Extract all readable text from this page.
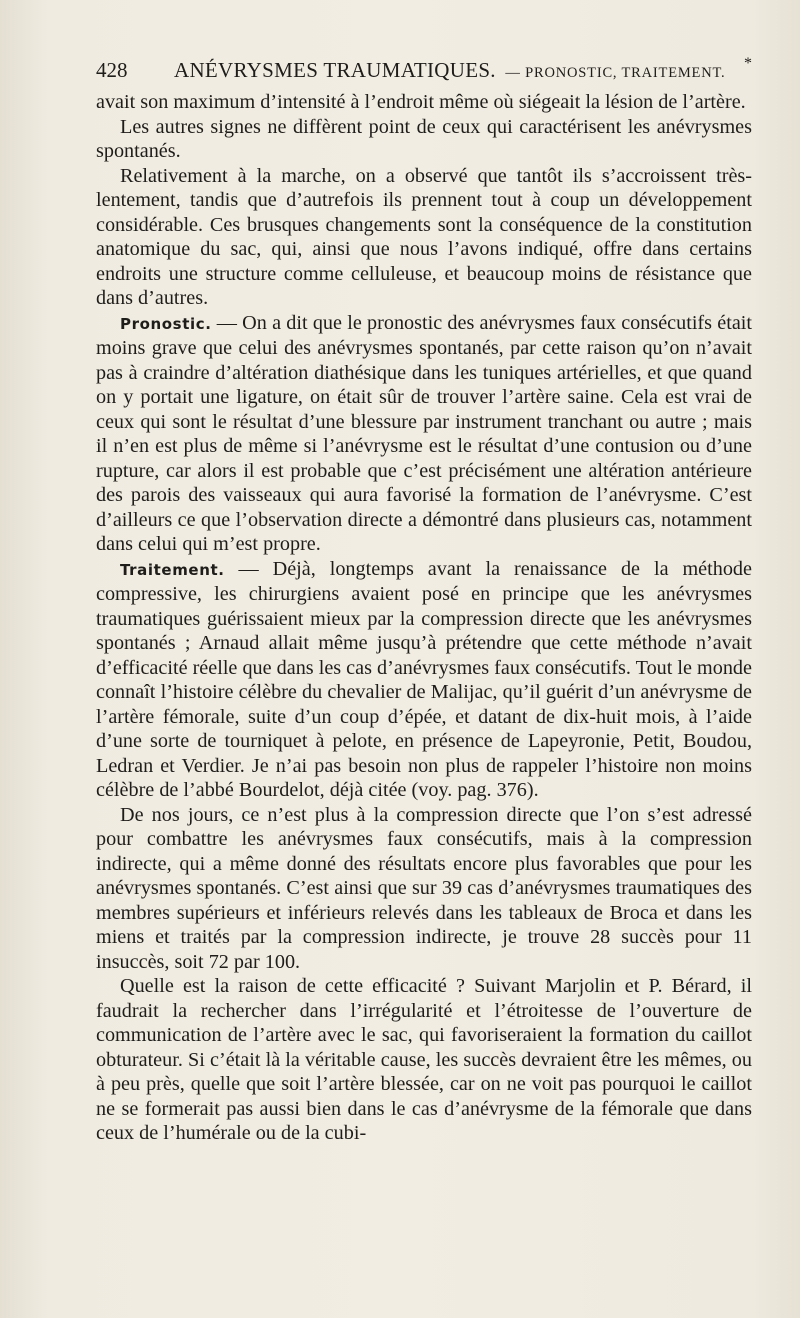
428 ANÉVRYSMES TRAUMATIQUES. — PRONOSTIC, TRAITEMENT.
*

avait son maximum d’intensité à l’endroit même où siégeait la lésion de l’artère.

Les autres signes ne diffèrent point de ceux qui caractérisent les anévrysmes spontanés.

Relativement à la marche, on a observé que tantôt ils s’accroissent très-lentement, tandis que d’autrefois ils prennent tout à coup un développement considérable. Ces brusques changements sont la conséquence de la constitution anatomique du sac, qui, ainsi que nous l’avons indiqué, offre dans certains endroits une structure comme celluleuse, et beaucoup moins de résistance que dans d’autres.

Pronostic. — On a dit que le pronostic des anévrysmes faux consécutifs était moins grave que celui des anévrysmes spontanés, par cette raison qu’on n’avait pas à craindre d’altération diathésique dans les tuniques artérielles, et que quand on y portait une ligature, on était sûr de trouver l’artère saine. Cela est vrai de ceux qui sont le résultat d’une blessure par instrument tranchant ou autre ; mais il n’en est plus de même si l’anévrysme est le résultat d’une contusion ou d’une rupture, car alors il est probable que c’est précisément une altération antérieure des parois des vaisseaux qui aura favorisé la formation de l’anévrysme. C’est d’ailleurs ce que l’observation directe a démontré dans plusieurs cas, notamment dans celui qui m’est propre.

Traitement. — Déjà, longtemps avant la renaissance de la méthode compressive, les chirurgiens avaient posé en principe que les anévrysmes traumatiques guérissaient mieux par la compression directe que les anévrysmes spontanés ; Arnaud allait même jusqu’à prétendre que cette méthode n’avait d’efficacité réelle que dans les cas d’anévrysmes faux consécutifs. Tout le monde connaît l’histoire célèbre du chevalier de Malijac, qu’il guérit d’un anévrysme de l’artère fémorale, suite d’un coup d’épée, et datant de dix-huit mois, à l’aide d’une sorte de tourniquet à pelote, en présence de Lapeyronie, Petit, Boudou, Ledran et Verdier. Je n’ai pas besoin non plus de rappeler l’histoire non moins célèbre de l’abbé Bourdelot, déjà citée (voy. pag. 376).

De nos jours, ce n’est plus à la compression directe que l’on s’est adressé pour combattre les anévrysmes faux consécutifs, mais à la compression indirecte, qui a même donné des résultats encore plus favorables que pour les anévrysmes spontanés. C’est ainsi que sur 39 cas d’anévrysmes traumatiques des membres supérieurs et inférieurs relevés dans les tableaux de Broca et dans les miens et traités par la compression indirecte, je trouve 28 succès pour 11 insuccès, soit 72 par 100.

Quelle est la raison de cette efficacité ? Suivant Marjolin et P. Bérard, il faudrait la rechercher dans l’irrégularité et l’étroitesse de l’ouverture de communication de l’artère avec le sac, qui favoriseraient la formation du caillot obturateur. Si c’était là la véritable cause, les succès devraient être les mêmes, ou à peu près, quelle que soit l’artère blessée, car on ne voit pas pourquoi le caillot ne se formerait pas aussi bien dans le cas d’anévrysme de la fémorale que dans ceux de l’humérale ou de la cubi-
